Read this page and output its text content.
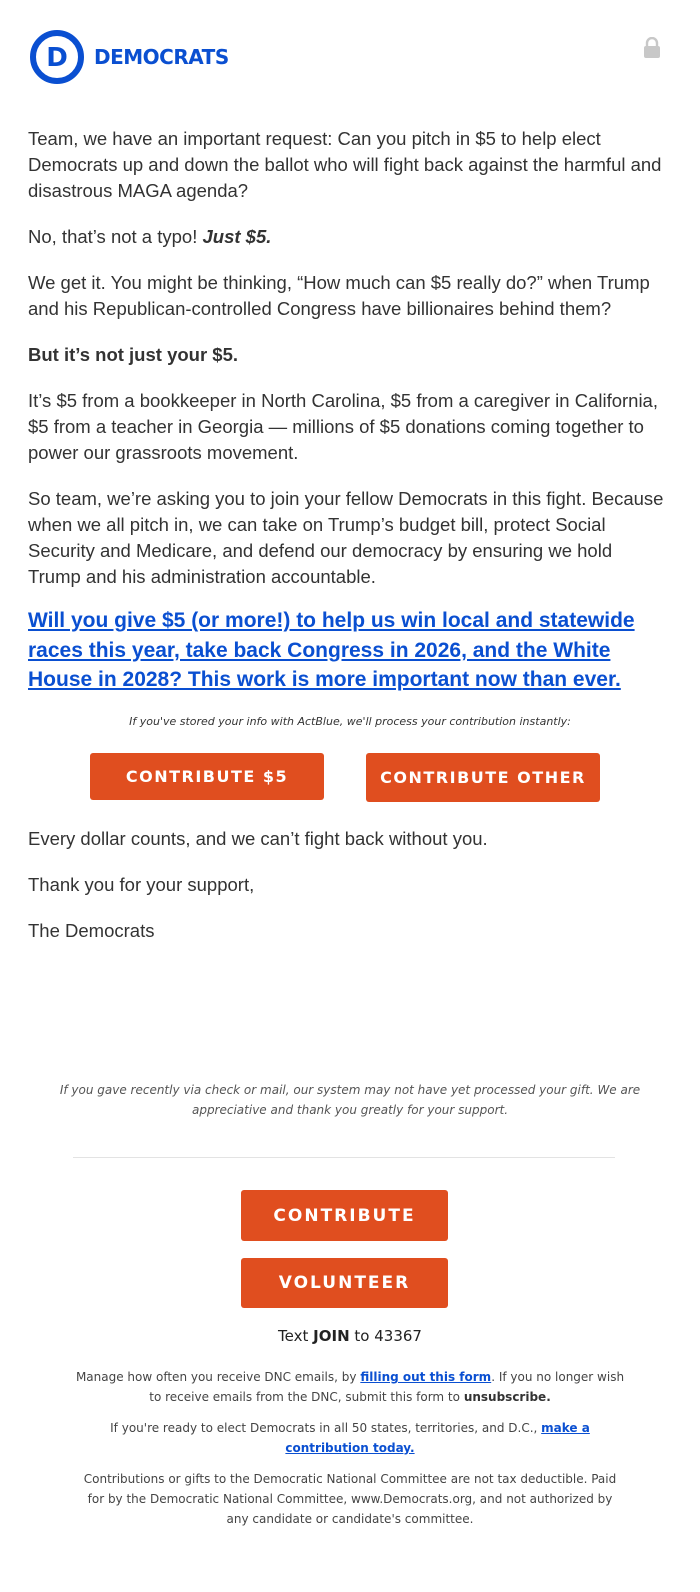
D DEMOCRATS

Team, we have an important request: Can you pitch in $5 to help elect Democrats up and down the ballot who will fight back against the harmful and disastrous MAGA agenda?

No, that’s not a typo! Just $5.

We get it. You might be thinking, “How much can $5 really do?” when Trump and his Republican-controlled Congress have billionaires behind them?

But it’s not just your $5.

It’s $5 from a bookkeeper in North Carolina, $5 from a caregiver in California, $5 from a teacher in Georgia — millions of $5 donations coming together to power our grassroots movement.

So team, we’re asking you to join your fellow Democrats in this fight. Because when we all pitch in, we can take on Trump’s budget bill, protect Social Security and Medicare, and defend our democracy by ensuring we hold Trump and his administration accountable.

Will you give $5 (or more!) to help us win local and statewide races this year, take back Congress in 2026, and the White House in 2028? This work is more important now than ever.
If you've stored your info with ActBlue, we'll process your contribution instantly:
CONTRIBUTE $5	CONTRIBUTE OTHER

Every dollar counts, and we can’t fight back without you.

Thank you for your support,

The Democrats

If you gave recently via check or mail, our system may not have yet processed your gift. We are appreciative and thank you greatly for your support.
CONTRIBUTE
VOLUNTEER
Text JOIN to 43367
Manage how often you receive DNC emails, by filling out this form. If you no longer wish to receive emails from the DNC, submit this form to unsubscribe.
If you're ready to elect Democrats in all 50 states, territories, and D.C., make a contribution today.
Contributions or gifts to the Democratic National Committee are not tax deductible. Paid for by the Democratic National Committee, www.Democrats.org, and not authorized by any candidate or candidate's committee.
